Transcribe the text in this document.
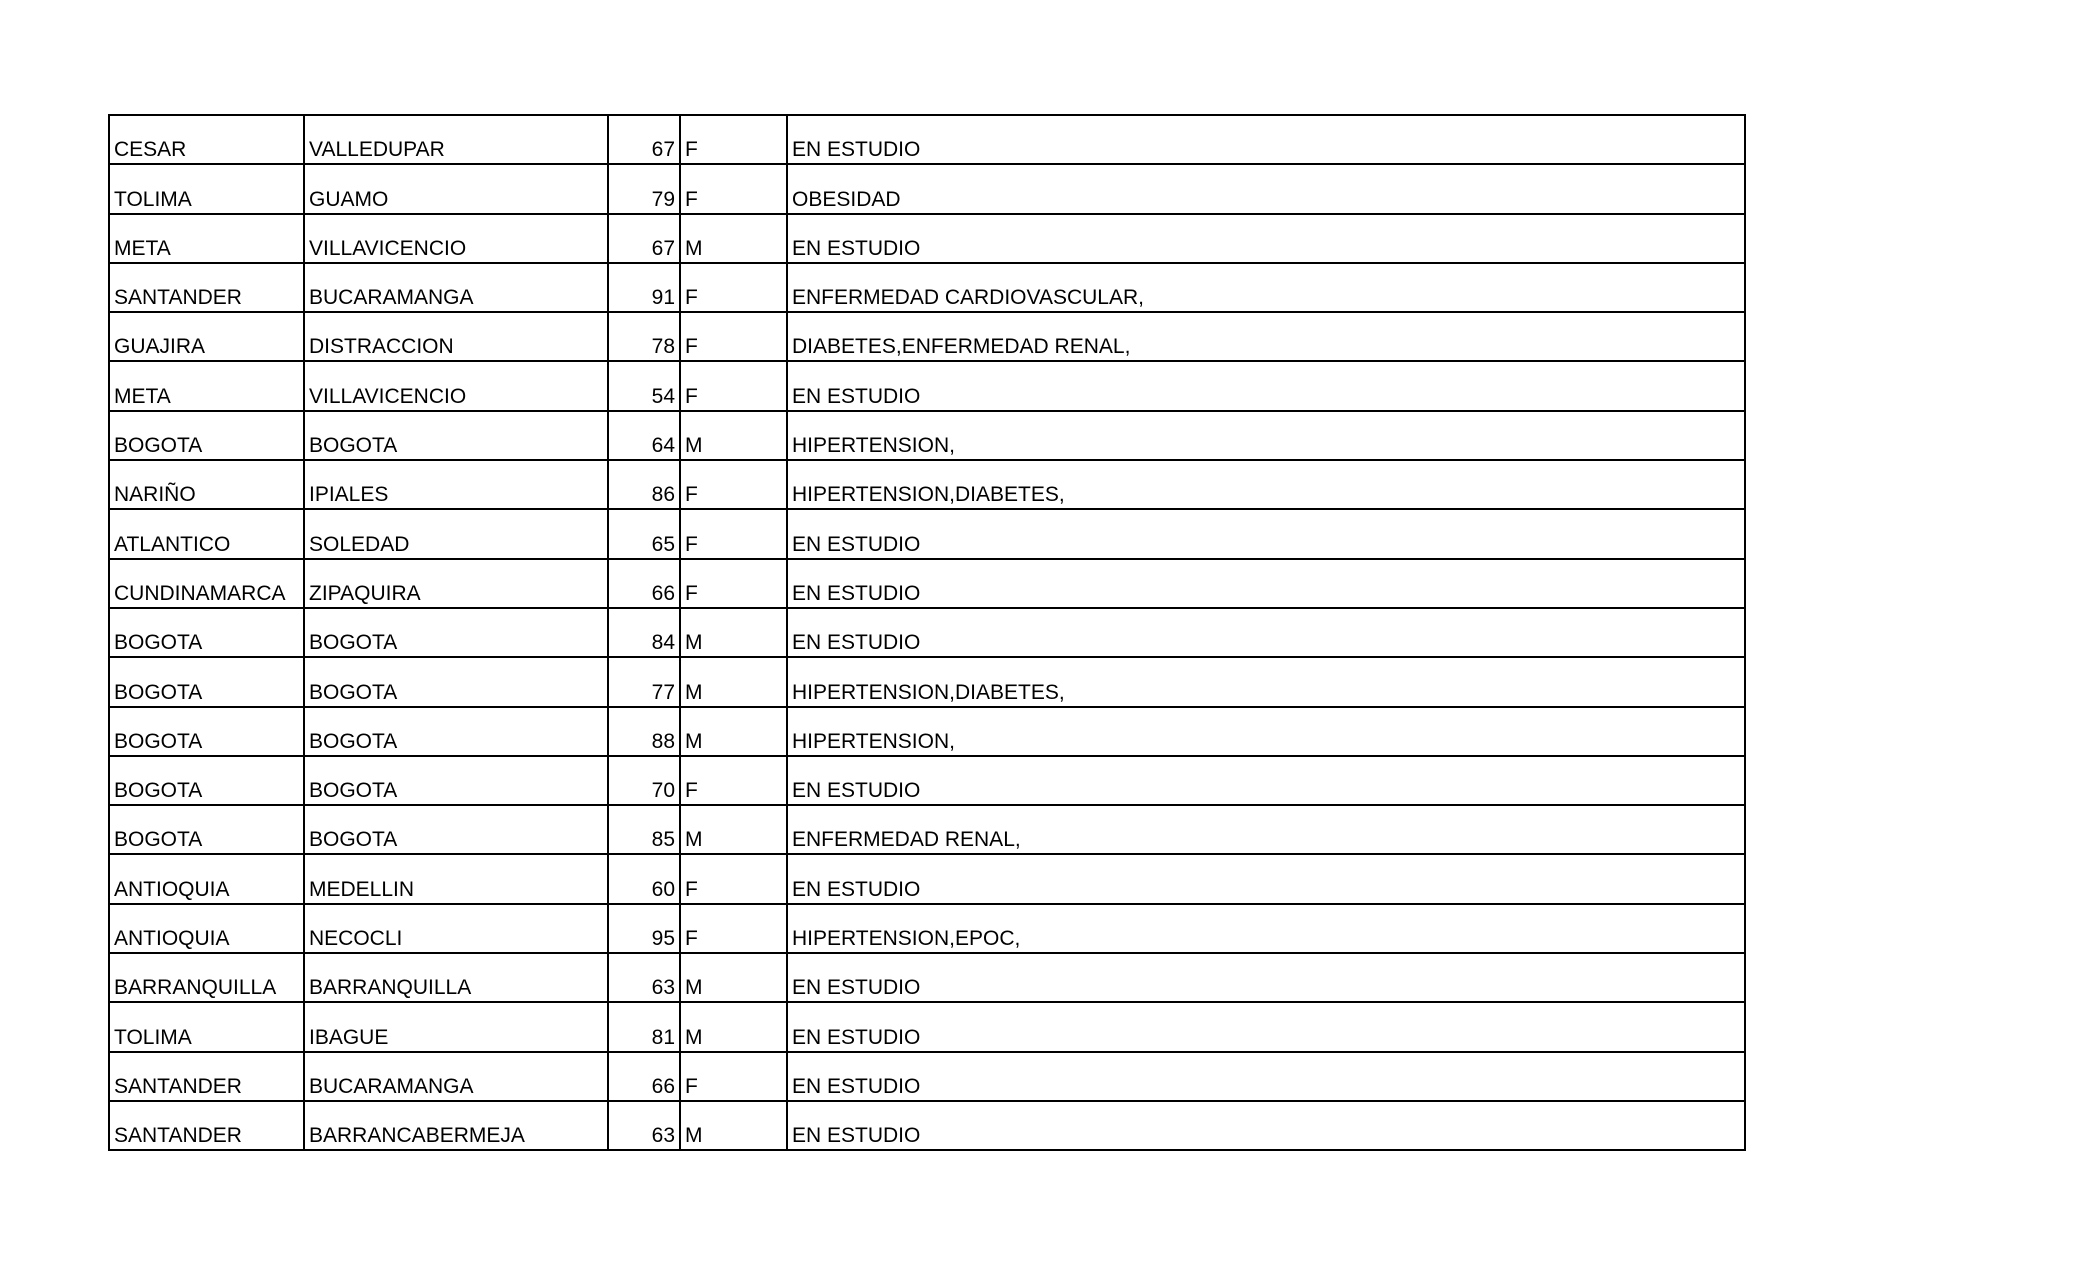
CESAR	VALLEDUPAR	67	F	EN ESTUDIO
TOLIMA	GUAMO	79	F	OBESIDAD
META	VILLAVICENCIO	67	M	EN ESTUDIO
SANTANDER	BUCARAMANGA	91	F	ENFERMEDAD CARDIOVASCULAR,
GUAJIRA	DISTRACCION	78	F	DIABETES,ENFERMEDAD RENAL,
META	VILLAVICENCIO	54	F	EN ESTUDIO
BOGOTA	BOGOTA	64	M	HIPERTENSION,
NARIÑO	IPIALES	86	F	HIPERTENSION,DIABETES,
ATLANTICO	SOLEDAD	65	F	EN ESTUDIO
CUNDINAMARCA	ZIPAQUIRA	66	F	EN ESTUDIO
BOGOTA	BOGOTA	84	M	EN ESTUDIO
BOGOTA	BOGOTA	77	M	HIPERTENSION,DIABETES,
BOGOTA	BOGOTA	88	M	HIPERTENSION,
BOGOTA	BOGOTA	70	F	EN ESTUDIO
BOGOTA	BOGOTA	85	M	ENFERMEDAD RENAL,
ANTIOQUIA	MEDELLIN	60	F	EN ESTUDIO
ANTIOQUIA	NECOCLI	95	F	HIPERTENSION,EPOC,
BARRANQUILLA	BARRANQUILLA	63	M	EN ESTUDIO
TOLIMA	IBAGUE	81	M	EN ESTUDIO
SANTANDER	BUCARAMANGA	66	F	EN ESTUDIO
SANTANDER	BARRANCABERMEJA	63	M	EN ESTUDIO
